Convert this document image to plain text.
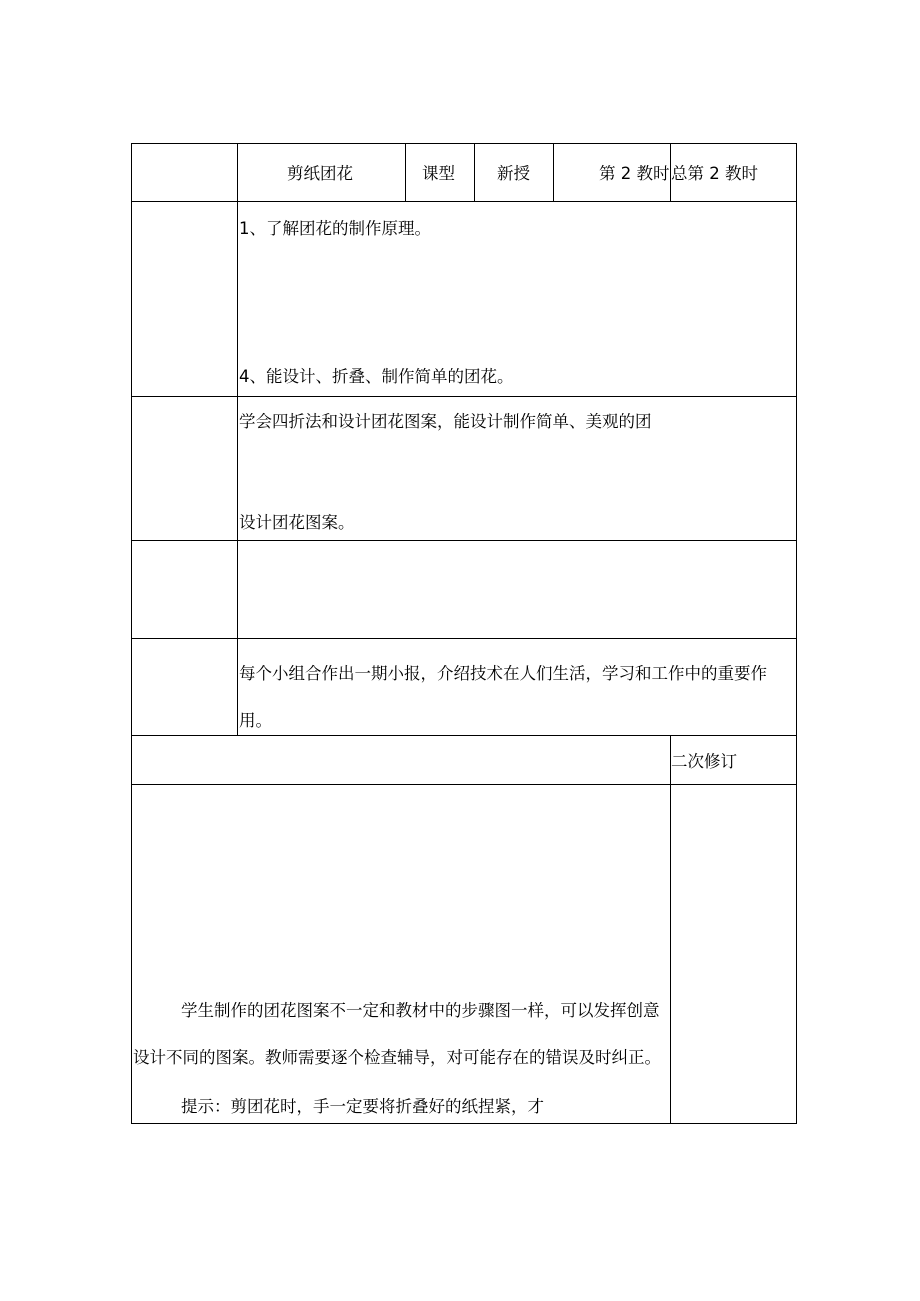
剪纸团花	课型	新授	第 2 教时 总第 2 教时
1、了解团花的制作原理。
4、能设计、折叠、制作简单的团花。
学会四折法和设计团花图案，能设计制作简单、美观的团
设计团花图案。
每个小组合作出一期小报，介绍技术在人们生活，学习和工作中的重要作
用。
二次修订
学生制作的团花图案不一定和教材中的步骤图一样，可以发挥创意
设计不同的图案。教师需要逐个检查辅导，对可能存在的错误及时纠正。
提示：剪团花时，手一定要将折叠好的纸捏紧，才
